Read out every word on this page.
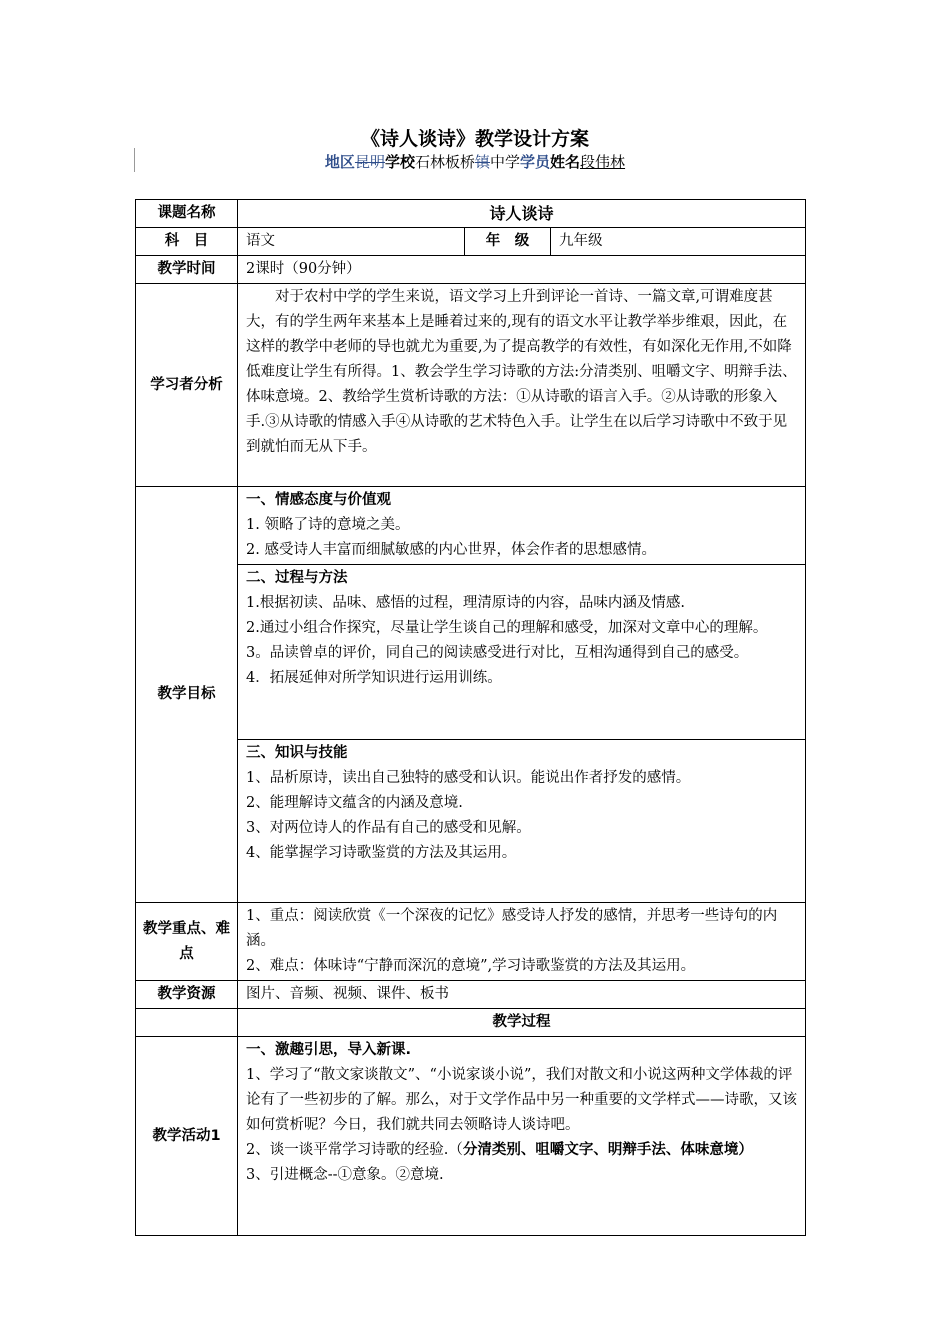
《诗人谈诗》教学设计方案
地区昆明学校石林板桥镇中学学员姓名段伟林
课题名称	诗人谈诗		
科　目	语文	年　级	九年级
教学时间	2课时（90分钟）		
学习者分析	对于农村中学的学生来说，语文学习上升到评论一首诗、一篇文章,可谓难度甚大，有的学生两年来基本上是睡着过来的,现有的语文水平让教学举步维艰，因此，在这样的教学中老师的导也就尤为重要,为了提高教学的有效性，有如深化无作用,不如降低难度让学生有所得。1、教会学生学习诗歌的方法:分清类别、咀嚼文字、明辩手法、体味意境。2、教给学生赏析诗歌的方法：①从诗歌的语言入手。②从诗歌的形象入手.③从诗歌的情感入手④从诗歌的艺术特色入手。让学生在以后学习诗歌中不致于见到就怕而无从下手。		

教学目标	一、情感态度与价值观

1. 领略了诗的意境之美。

2. 感受诗人丰富而细腻敏感的内心世界，体会作者的思想感情。		

	二、过程与方法

1.根据初读、品味、感悟的过程，理清原诗的内容，品味内涵及情感.

2.通过小组合作探究，尽量让学生谈自己的理解和感受，加深对文章中心的理解。

3。品读曾卓的评价，同自己的阅读感受进行对比，互相沟通得到自己的感受。

4．拓展延伸对所学知识进行运用训练。		

	三、知识与技能

1、品析原诗，读出自己独特的感受和认识。能说出作者抒发的感情。

2、能理解诗文蕴含的内涵及意境.

3、对两位诗人的作品有自己的感受和见解。

4、能掌握学习诗歌鉴赏的方法及其运用。		

教学重点、难点	1、重点：阅读欣赏《一个深夜的记忆》感受诗人抒发的感情，并思考一些诗句的内涵。

2、难点：体味诗“宁静而深沉的意境”,学习诗歌鉴赏的方法及其运用。		

教学资源	图片、音频、视频、课件、板书		
	教学过程		
教学活动1	一、激趣引思，导入新课.

1、学习了“散文家谈散文”、“小说家谈小说”，我们对散文和小说这两种文学体裁的评论有了一些初步的了解。那么，对于文学作品中另一种重要的文学样式——诗歌，又该如何赏析呢？今日，我们就共同去领略诗人谈诗吧。

2、谈一谈平常学习诗歌的经验.（分清类别、咀嚼文字、明辩手法、体味意境）

3、引进概念--①意象。②意境.		
